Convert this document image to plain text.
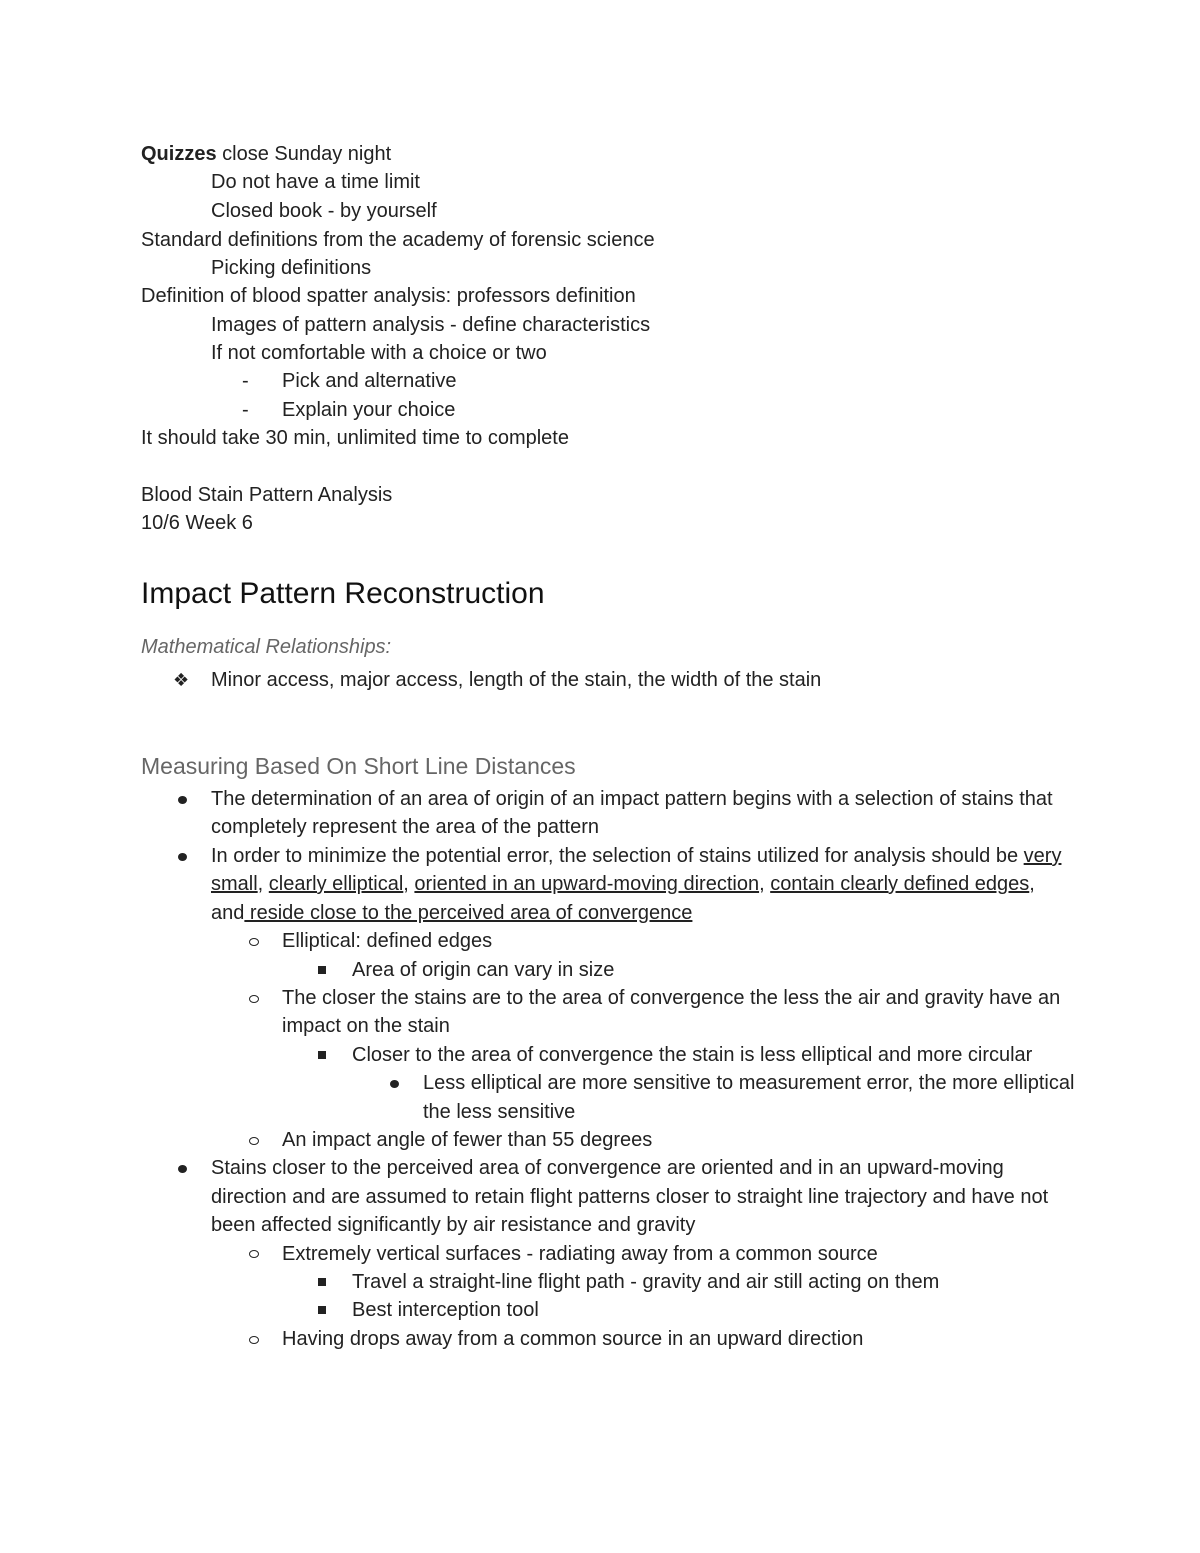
Quizzes close Sunday night
Do not have a time limit
Closed book - by yourself
Standard definitions from the academy of forensic science
Picking definitions
Definition of blood spatter analysis: professors definition
Images of pattern analysis - define characteristics
If not comfortable with a choice or two
- Pick and alternative
- Explain your choice
It should take 30 min, unlimited time to complete
Blood Stain Pattern Analysis
10/6 Week 6
Impact Pattern Reconstruction
Mathematical Relationships:
❖ Minor access, major access, length of the stain, the width of the stain
Measuring Based On Short Line Distances
The determination of an area of origin of an impact pattern begins with a selection of stains that
completely represent the area of the pattern
In order to minimize the potential error, the selection of stains utilized for analysis should be very
small, clearly elliptical, oriented in an upward-moving direction, contain clearly defined edges,
and reside close to the perceived area of convergence
Elliptical: defined edges
Area of origin can vary in size
The closer the stains are to the area of convergence the less the air and gravity have an
impact on the stain
Closer to the area of convergence the stain is less elliptical and more circular
Less elliptical are more sensitive to measurement error, the more elliptical
the less sensitive
An impact angle of fewer than 55 degrees
Stains closer to the perceived area of convergence are oriented and in an upward-moving
direction and are assumed to retain flight patterns closer to straight line trajectory and have not
been affected significantly by air resistance and gravity
Extremely vertical surfaces - radiating away from a common source
Travel a straight-line flight path - gravity and air still acting on them
Best interception tool
Having drops away from a common source in an upward direction
